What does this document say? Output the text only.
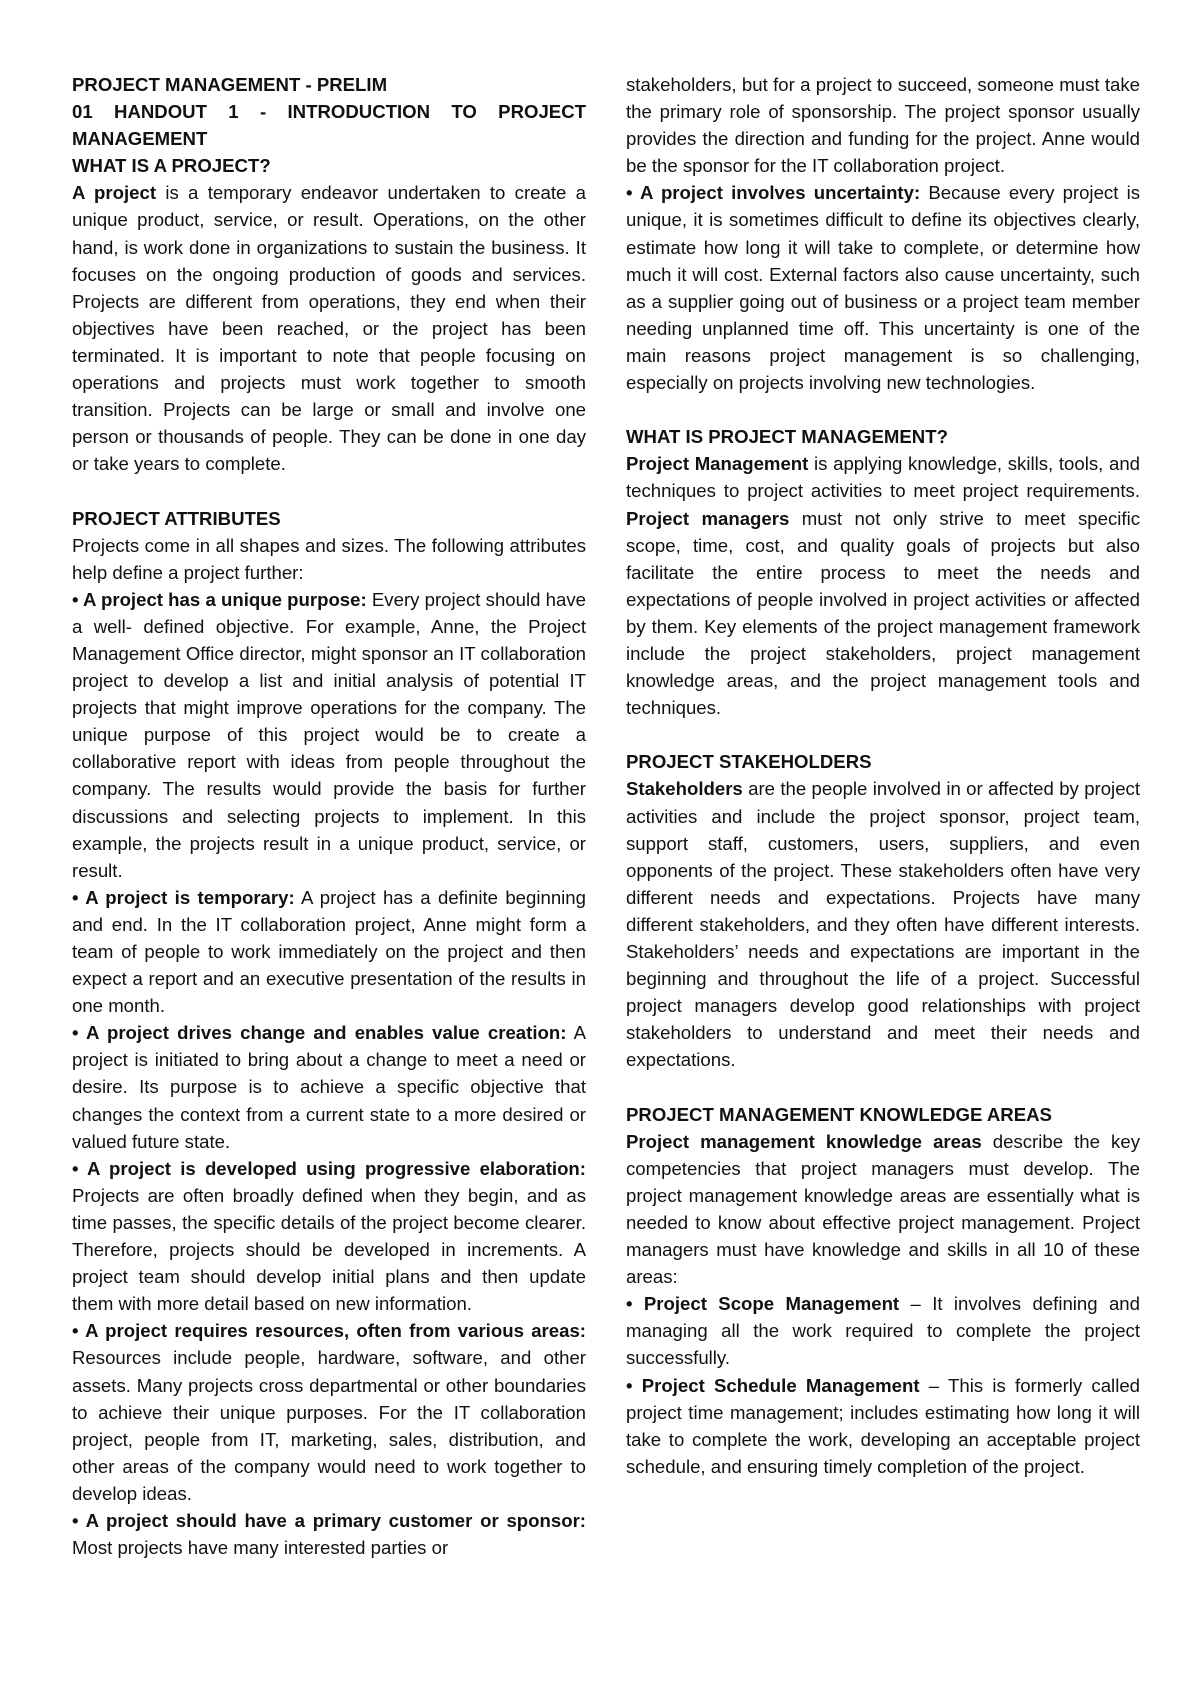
PROJECT MANAGEMENT - PRELIM

01 HANDOUT 1 - INTRODUCTION TO PROJECT MANAGEMENT

WHAT IS A PROJECT?

A project is a temporary endeavor undertaken to create a unique product, service, or result. Operations, on the other hand, is work done in organizations to sustain the business. It focuses on the ongoing production of goods and services. Projects are different from operations, they end when their objectives have been reached, or the project has been terminated. It is important to note that people focusing on operations and projects must work together to smooth transition. Projects can be large or small and involve one person or thousands of people. They can be done in one day or take years to complete.

PROJECT ATTRIBUTES

Projects come in all shapes and sizes. The following attributes help define a project further:

• A project has a unique purpose: Every project should have a well- defined objective. For example, Anne, the Project Management Office director, might sponsor an IT collaboration project to develop a list and initial analysis of potential IT projects that might improve operations for the company. The unique purpose of this project would be to create a collaborative report with ideas from people throughout the company. The results would provide the basis for further discussions and selecting projects to implement. In this example, the projects result in a unique product, service, or result.

• A project is temporary: A project has a definite beginning and end. In the IT collaboration project, Anne might form a team of people to work immediately on the project and then expect a report and an executive presentation of the results in one month.

• A project drives change and enables value creation: A project is initiated to bring about a change to meet a need or desire. Its purpose is to achieve a specific objective that changes the context from a current state to a more desired or valued future state.

• A project is developed using progressive elaboration: Projects are often broadly defined when they begin, and as time passes, the specific details of the project become clearer. Therefore, projects should be developed in increments. A project team should develop initial plans and then update them with more detail based on new information.

• A project requires resources, often from various areas: Resources include people, hardware, software, and other assets. Many projects cross departmental or other boundaries to achieve their unique purposes. For the IT collaboration project, people from IT, marketing, sales, distribution, and other areas of the company would need to work together to develop ideas.

• A project should have a primary customer or sponsor: Most projects have many interested parties or

stakeholders, but for a project to succeed, someone must take the primary role of sponsorship. The project sponsor usually provides the direction and funding for the project. Anne would be the sponsor for the IT collaboration project.

• A project involves uncertainty: Because every project is unique, it is sometimes difficult to define its objectives clearly, estimate how long it will take to complete, or determine how much it will cost. External factors also cause uncertainty, such as a supplier going out of business or a project team member needing unplanned time off. This uncertainty is one of the main reasons project management is so challenging, especially on projects involving new technologies.

WHAT IS PROJECT MANAGEMENT?

Project Management is applying knowledge, skills, tools, and techniques to project activities to meet project requirements. Project managers must not only strive to meet specific scope, time, cost, and quality goals of projects but also facilitate the entire process to meet the needs and expectations of people involved in project activities or affected by them. Key elements of the project management framework include the project stakeholders, project management knowledge areas, and the project management tools and techniques.

PROJECT STAKEHOLDERS

Stakeholders are the people involved in or affected by project activities and include the project sponsor, project team, support staff, customers, users, suppliers, and even opponents of the project. These stakeholders often have very different needs and expectations. Projects have many different stakeholders, and they often have different interests. Stakeholders’ needs and expectations are important in the beginning and throughout the life of a project. Successful project managers develop good relationships with project stakeholders to understand and meet their needs and expectations.

PROJECT MANAGEMENT KNOWLEDGE AREAS

Project management knowledge areas describe the key competencies that project managers must develop. The project management knowledge areas are essentially what is needed to know about effective project management. Project managers must have knowledge and skills in all 10 of these areas:

• Project Scope Management – It involves defining and managing all the work required to complete the project successfully.

• Project Schedule Management – This is formerly called project time management; includes estimating how long it will take to complete the work, developing an acceptable project schedule, and ensuring timely completion of the project.
